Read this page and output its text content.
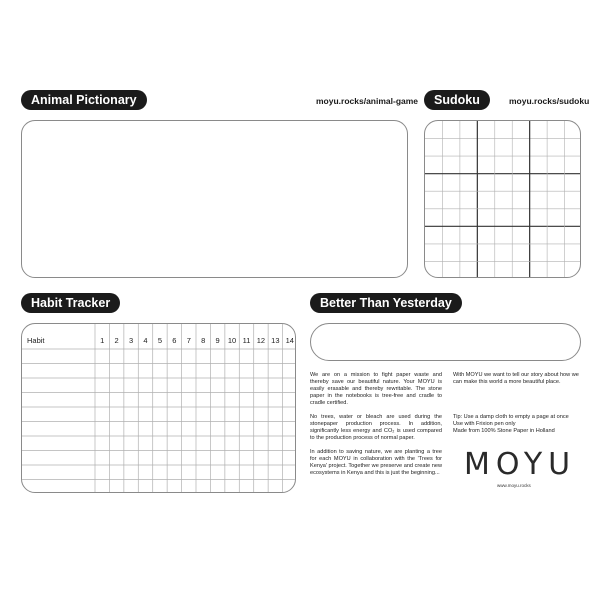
Animal Pictionary	moyu.rocks/animal-game	Sudoku	moyu.rocks/sudoku
Habit Tracker
Habit	1	2	3	4	5	6	7	8	9	10 11 12 13 14
Better Than Yesterday

We are on a mission to fight paper waste and thereby save our beautiful nature. Your MOYU is easily erasable and thereby rewritable. The stone paper in the notebooks is tree-free and cradle to cradle certified.

No trees, water or bleach are used during the stonepaper production process. In addition, significantly less energy and CO₂ is used compared to the production process of normal paper.

In addition to saving nature, we are planting a tree for each MOYU in collaboration with the 'Trees for Kenya' project. Together we preserve and create new ecosystems in Kenya and this is just the beginning...

With MOYU we want to tell our story about how we can make this world a more beautiful place.
Tip: Use a damp cloth to empty a page at once
Use with Frixion pen only
Made from 100% Stone Paper in Holland
MOYU
www.moyu.rocks
